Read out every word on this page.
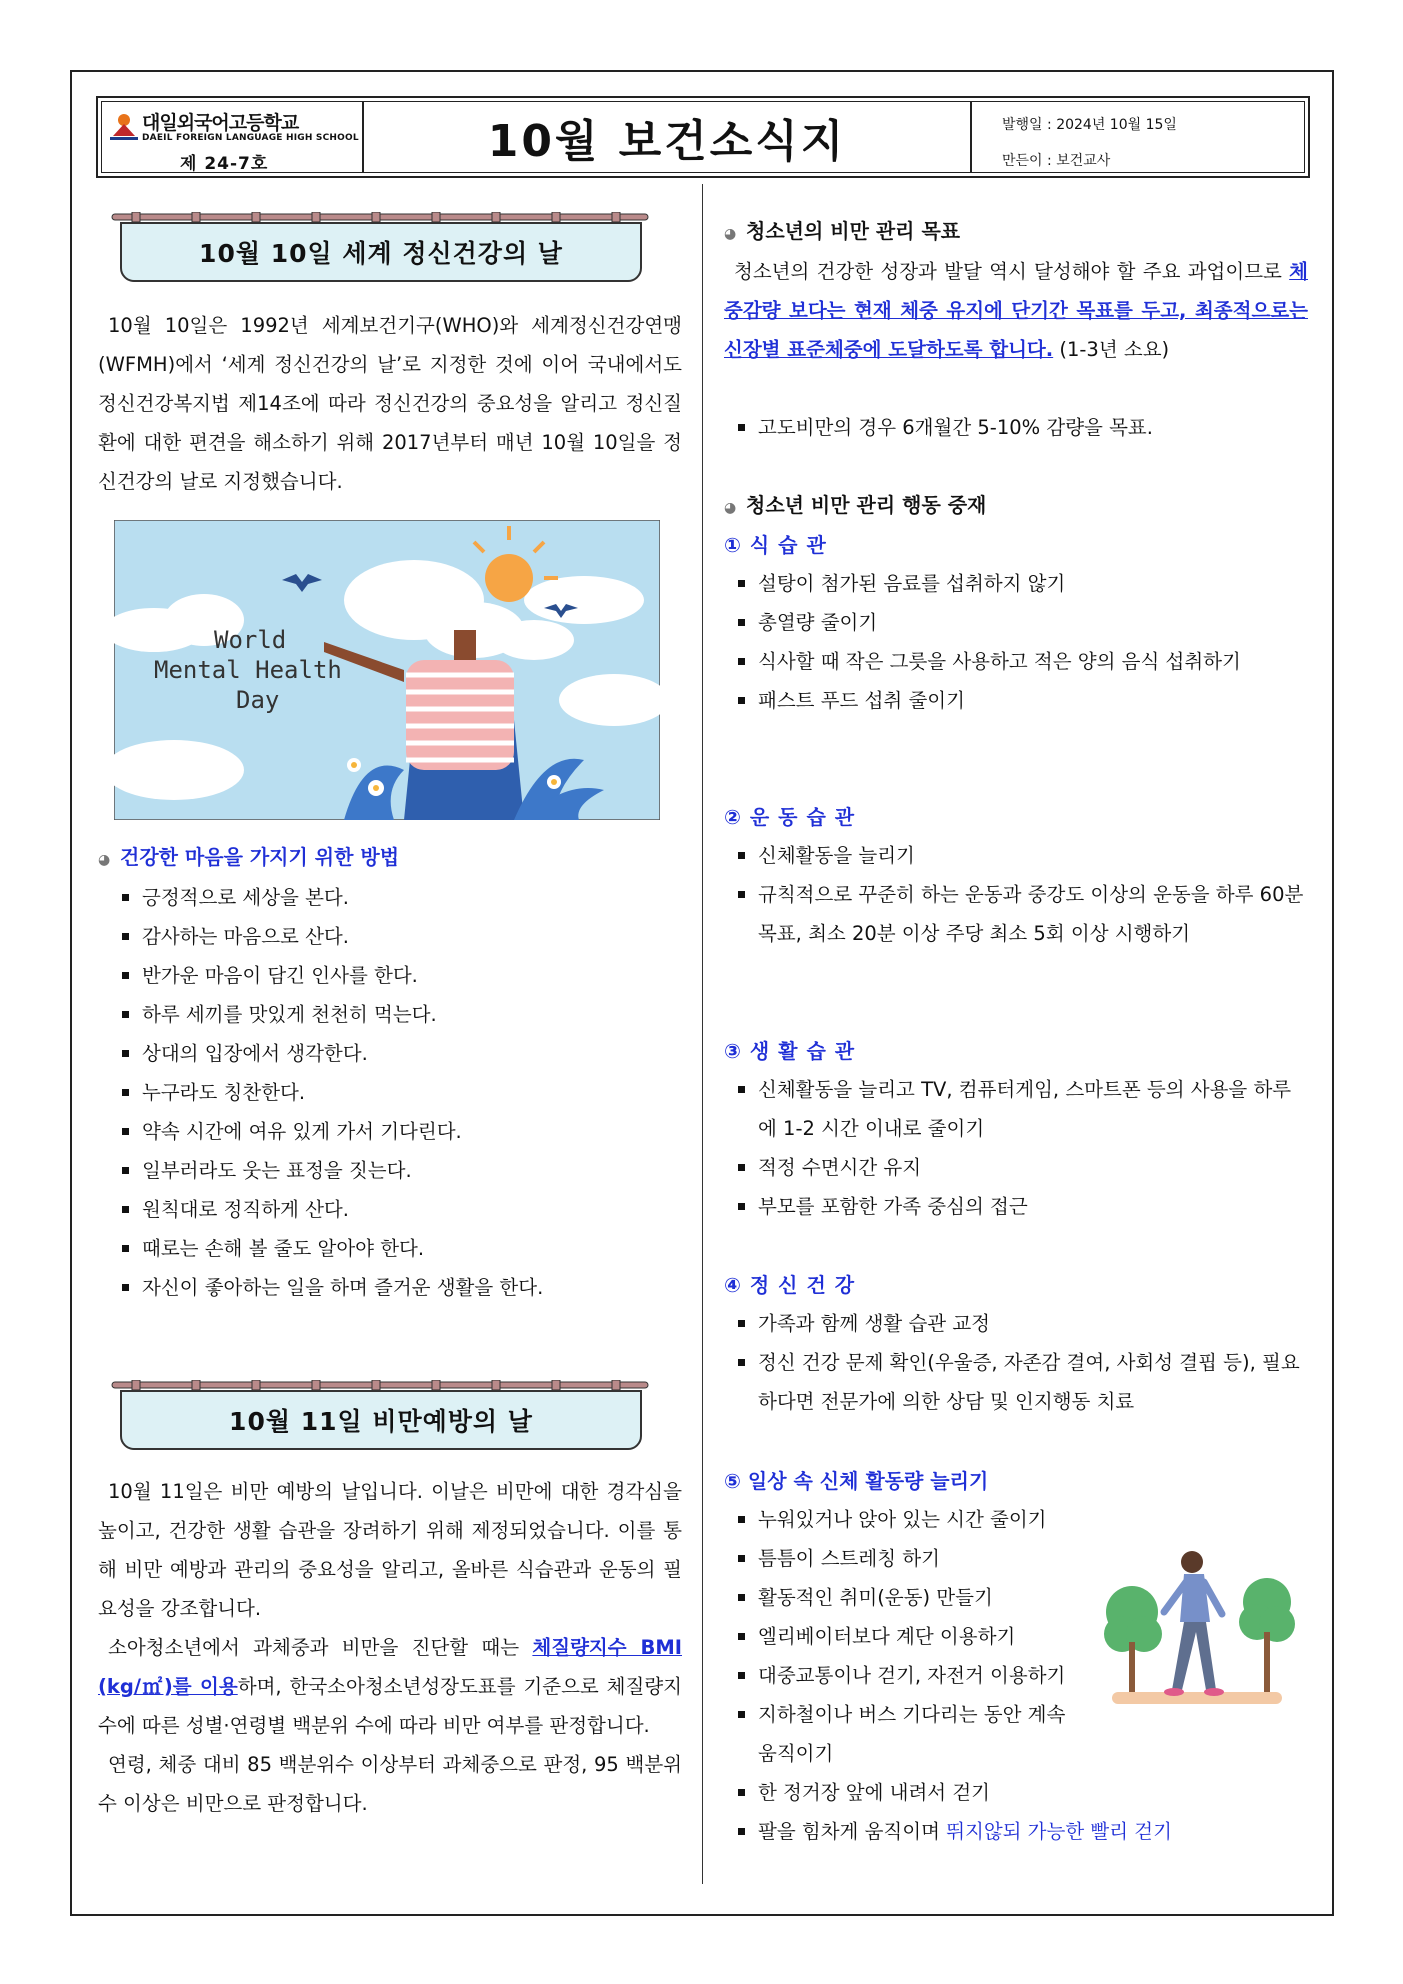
대일외국어고등학교
DAEIL FOREIGN LANGUAGE HIGH SCHOOL
제 24-7호	10월 보건소식지	발행일 : 2024년 10월 15일
만든이 : 보건교사
10월 10일 세계 정신건강의 날

10월 10일은 1992년 세계보건기구(WHO)와 세계정신건강연맹(WFMH)에서 ‘세계 정신건강의 날’로 지정한 것에 이어 국내에서도 정신건강복지법 제14조에 따라 정신건강의 중요성을 알리고 정신질환에 대한 편견을 해소하기 위해 2017년부터 매년 10월 10일을 정신건강의 날로 지정했습니다.

World
Mental Health
Day
◕ 건강한 마음을 가지기 위한 방법
긍정적으로 세상을 본다.
감사하는 마음으로 산다.
반가운 마음이 담긴 인사를 한다.
하루 세끼를 맛있게 천천히 먹는다.
상대의 입장에서 생각한다.
누구라도 칭찬한다.
약속 시간에 여유 있게 가서 기다린다.
일부러라도 웃는 표정을 짓는다.
원칙대로 정직하게 산다.
때로는 손해 볼 줄도 알아야 한다.
자신이 좋아하는 일을 하며 즐거운 생활을 한다.
10월 11일 비만예방의 날

10월 11일은 비만 예방의 날입니다. 이날은 비만에 대한 경각심을 높이고, 건강한 생활 습관을 장려하기 위해 제정되었습니다. 이를 통해 비만 예방과 관리의 중요성을 알리고, 올바른 식습관과 운동의 필요성을 강조합니다.

소아청소년에서 과체중과 비만을 진단할 때는 체질량지수 BMI (kg/㎡)를 이용하며, 한국소아청소년성장도표를 기준으로 체질량지수에 따른 성별·연령별 백분위 수에 따라 비만 여부를 판정합니다.

연령, 체중 대비 85 백분위수 이상부터 과체중으로 판정, 95 백분위수 이상은 비만으로 판정합니다.

◕ 청소년의 비만 관리 목표

청소년의 건강한 성장과 발달 역시 달성해야 할 주요 과업이므로 체중감량 보다는 현재 체중 유지에 단기간 목표를 두고, 최종적으로는 신장별 표준체중에 도달하도록 합니다. (1-3년 소요)

고도비만의 경우 6개월간 5-10% 감량을 목표.
◕ 청소년 비만 관리 행동 중재
① 식 습 관
설탕이 첨가된 음료를 섭취하지 않기
총열량 줄이기
식사할 때 작은 그릇을 사용하고 적은 양의 음식 섭취하기
패스트 푸드 섭취 줄이기
② 운 동 습 관
신체활동을 늘리기
규칙적으로 꾸준히 하는 운동과 중강도 이상의 운동을 하루 60분 목표, 최소 20분 이상 주당 최소 5회 이상 시행하기
③ 생 활 습 관
신체활동을 늘리고 TV, 컴퓨터게임, 스마트폰 등의 사용을 하루에 1-2 시간 이내로 줄이기
적정 수면시간 유지
부모를 포함한 가족 중심의 접근
④ 정 신 건 강
가족과 함께 생활 습관 교정
정신 건강 문제 확인(우울증, 자존감 결여, 사회성 결핍 등), 필요하다면 전문가에 의한 상담 및 인지행동 치료
⑤ 일상 속 신체 활동량 늘리기
누워있거나 앉아 있는 시간 줄이기
틈틈이 스트레칭 하기
활동적인 취미(운동) 만들기
엘리베이터보다 계단 이용하기
대중교통이나 걷기, 자전거 이용하기
지하철이나 버스 기다리는 동안 계속 움직이기
한 정거장 앞에 내려서 걷기
팔을 힘차게 움직이며 뛰지않되 가능한 빨리 걷기
